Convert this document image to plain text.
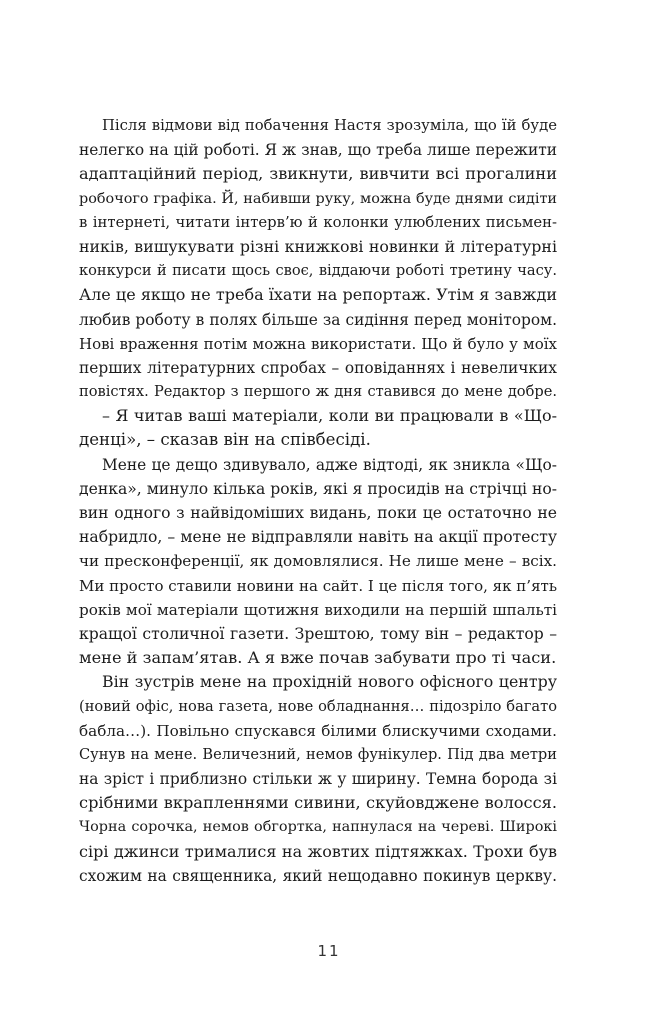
Після відмови від побачення Настя зрозуміла, що їй буде
нелегко на цій роботі. Я ж знав, що треба лише пережити
адаптаційний період, звикнути, вивчити всі прогалини
робочого графіка. Й, набивши руку, можна буде днями сидіти
в інтернеті, читати інтерв’ю й колонки улюблених письмен-
ників, вишукувати різні книжкові новинки й літературні
конкурси й писати щось своє, віддаючи роботі третину часу.
Але це якщо не треба їхати на репортаж. Утім я завжди
любив роботу в полях більше за сидіння перед монітором.
Нові враження потім можна використати. Що й було у моїх
перших літературних спробах – оповіданнях і невеличких
повістях. Редактор з першого ж дня ставився до мене добре.
– Я читав ваші матеріали, коли ви працювали в «Що-
денці», – сказав він на співбесіді.
Мене це дещо здивувало, адже відтоді, як зникла «Що-
денка», минуло кілька років, які я просидів на стрічці но-
вин одного з найвідоміших видань, поки це остаточно не
набридло, – мене не відправляли навіть на акції протесту
чи пресконференції, як домовлялися. Не лише мене – всіх.
Ми просто ставили новини на сайт. І це після того, як п’ять
років мої матеріали щотижня виходили на першій шпальті
кращої столичної газети. Зрештою, тому він – редактор –
мене й запам’ятав. А я вже почав забувати про ті часи.
Він зустрів мене на прохідній нового офісного центру
(новий офіс, нова газета, нове обладнання… підозріло багато
бабла…). Повільно спускався білими блискучими сходами.
Сунув на мене. Величезний, немов фунікулер. Під два метри
на зріст і приблизно стільки ж у ширину. Темна борода зі
срібними вкрапленнями сивини, скуйовджене волосся.
Чорна сорочка, немов обгортка, напнулася на череві. Широкі
сірі джинси трималися на жовтих підтяжках. Трохи був
схожим на священника, який нещодавно покинув церкву.
11
